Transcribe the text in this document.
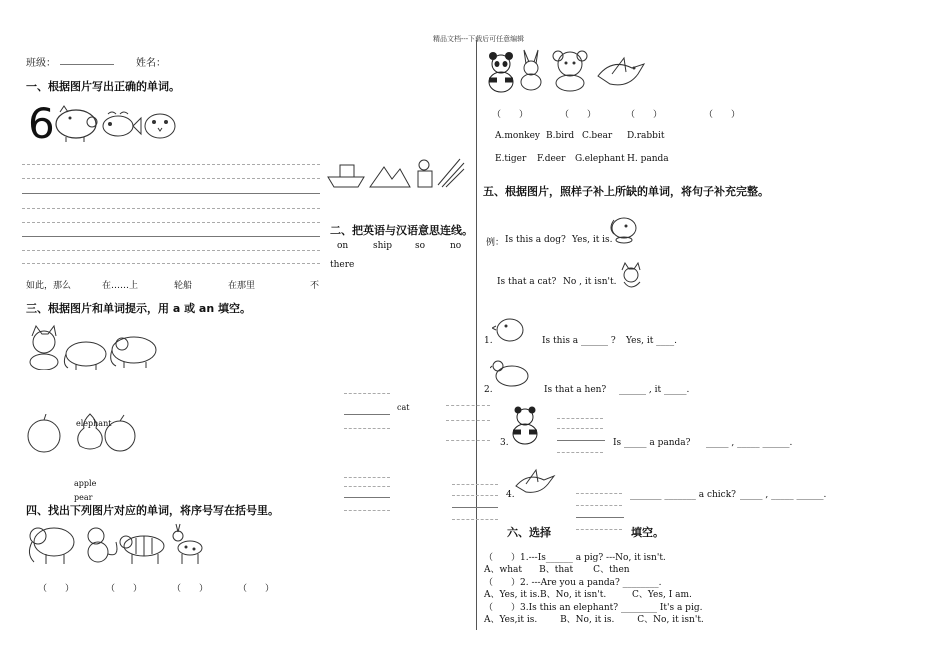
精品文档---下载后可任意编辑
班级：	姓名：
一、根据图片写出正确的单词。
6
二、把英语与汉语意思连线。
on	ship	so	no
there
如此，那么	在……上	轮船	在那里	不
三、根据图片和单词提示，用 a 或 an 填空。
cat
elephant
apple
pear
四、找出下列图片对应的单词，将序号写在括号里。
（　　）	（　　）	（　　）	（　　）
（　　）	（　　）	（　　）	（　　）
A.monkey B.bird C.bear D.rabbit
E.tiger F.deer G.elephant H. panda
五、根据图片，照样子补上所缺的单词，将句子补充完整。
例： Is this a dog? Yes, it is.
Is that a cat? No , it isn't.
1.	Is this a ______ ? Yes, it ____.
2.	Is that a hen? ______ , it _____.
3.	Is _____ a panda? _____ , _____ ______.
4.	_______ _______ a chick? _____ , _____ ______.
六、选择	填空。
（　　）1.---Is______ a pig? ---No, it isn't.
A、what      B、that       C、then
（　　）2. ---Are you a panda? ________.
A、Yes, it is.B、No, it isn't.         C、Yes, I am.
（　　）3.Is this an elephant? ________ It's a pig.
A、Yes,it is.        B、No, it is.        C、No, it isn't.
